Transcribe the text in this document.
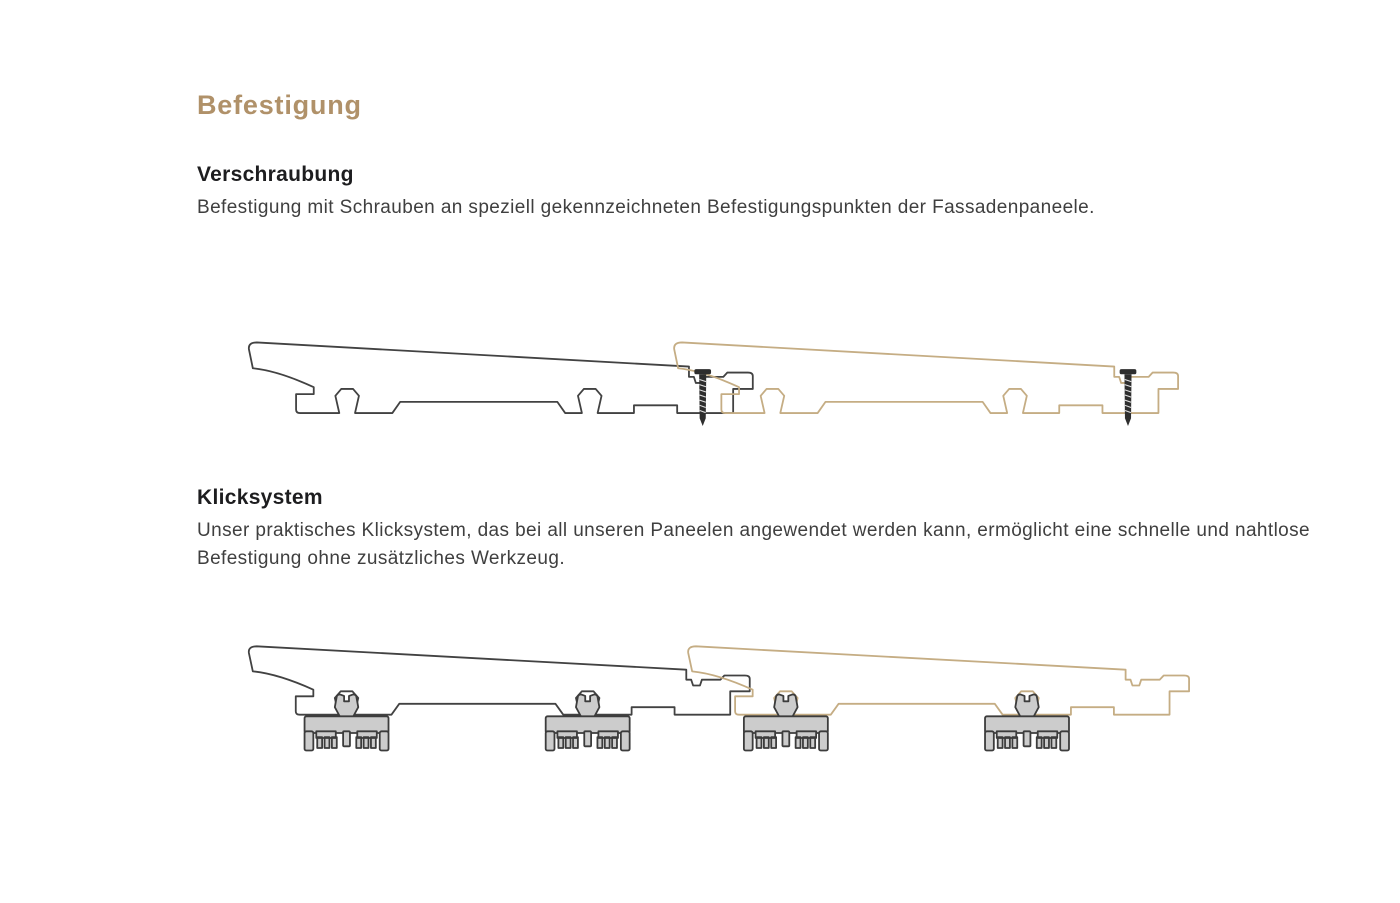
Befestigung
Verschraubung

Befestigung mit Schrauben an speziell gekennzeichneten Befestigungspunkten der Fassadenpaneele.

Klicksystem

Unser praktisches Klicksystem, das bei all unseren Paneelen angewendet werden kann, ermöglicht eine schnelle und nahtlose Befestigung ohne zusätzliches Werkzeug.
